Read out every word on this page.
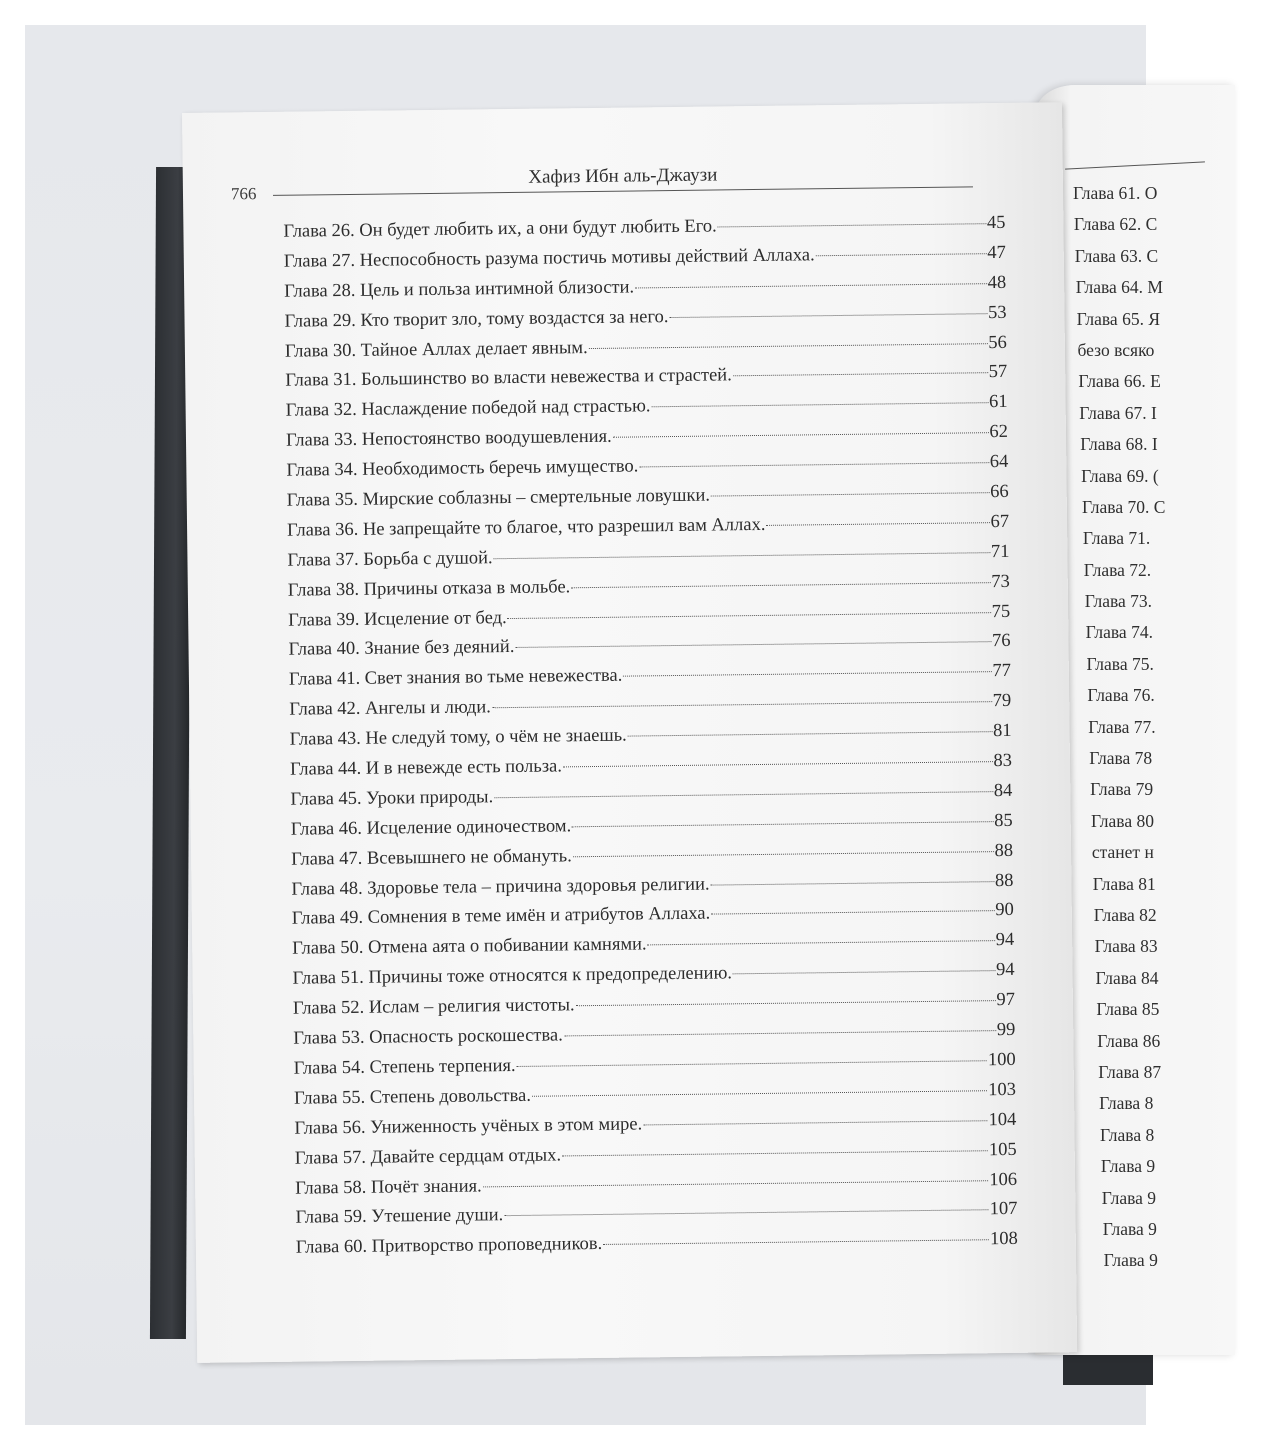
Глава 61. О
Глава 62. С
Глава 63. С
Глава 64. М
Глава 65. Я
безо всяко
Глава 66. Е
Глава 67. I
Глава 68. I
Глава 69. (
Глава 70. С
Глава 71.
Глава 72.
Глава 73.
Глава 74.
Глава 75.
Глава 76.
Глава 77.
Глава 78
Глава 79
Глава 80
станет н
Глава 81
Глава 82
Глава 83
Глава 84
Глава 85
Глава 86
Глава 87
Глава 8
Глава 8
Глава 9
Глава 9
Глава 9
Глава 9
766
Хафиз Ибн аль-Джаузи
Глава 26. Он будет любить их, а они будут любить Его.	45
Глава 27. Неспособность разума постичь мотивы действий Аллаха.	47
Глава 28. Цель и польза интимной близости.	48
Глава 29. Кто творит зло, тому воздастся за него.	53
Глава 30. Тайное Аллах делает явным.	56
Глава 31. Большинство во власти невежества и страстей.	57
Глава 32. Наслаждение победой над страстью.	61
Глава 33. Непостоянство воодушевления.	62
Глава 34. Необходимость беречь имущество.	64
Глава 35. Мирские соблазны – смертельные ловушки.	66
Глава 36. Не запрещайте то благое, что разрешил вам Аллах.	67
Глава 37. Борьба с душой.	71
Глава 38. Причины отказа в мольбе.	73
Глава 39. Исцеление от бед.	75
Глава 40. Знание без деяний.	76
Глава 41. Свет знания во тьме невежества.	77
Глава 42. Ангелы и люди.	79
Глава 43. Не следуй тому, о чём не знаешь.	81
Глава 44. И в невежде есть польза.	83
Глава 45. Уроки природы.	84
Глава 46. Исцеление одиночеством.	85
Глава 47. Всевышнего не обмануть.	88
Глава 48. Здоровье тела – причина здоровья религии.	88
Глава 49. Сомнения в теме имён и атрибутов Аллаха.	90
Глава 50. Отмена аята о побивании камнями.	94
Глава 51. Причины тоже относятся к предопределению.	94
Глава 52. Ислам – религия чистоты.	97
Глава 53. Опасность роскошества.	99
Глава 54. Степень терпения.	100
Глава 55. Степень довольства.	103
Глава 56. Униженность учёных в этом мире.	104
Глава 57. Давайте сердцам отдых.	105
Глава 58. Почёт знания.	106
Глава 59. Утешение души.	107
Глава 60. Притворство проповедников.	108
